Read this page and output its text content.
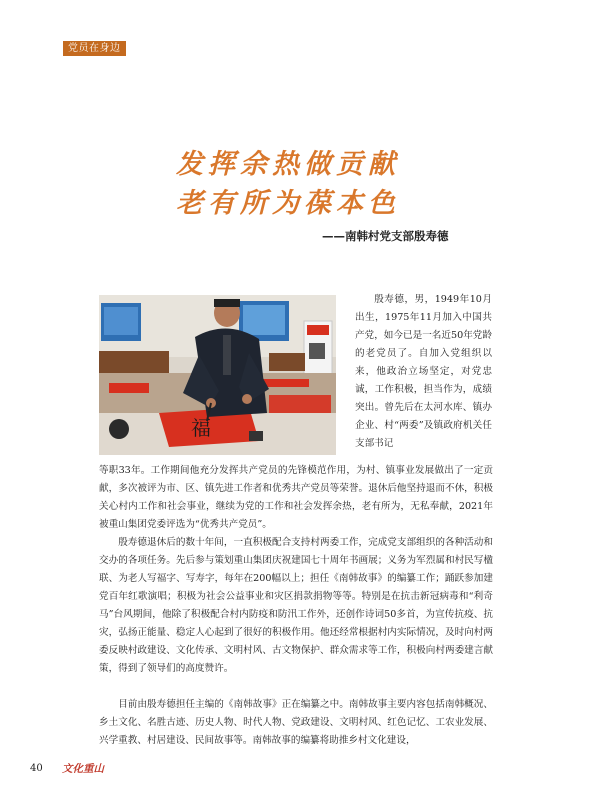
党员在身边
发挥余热做贡献
老有所为葆本色
——南韩村党支部殷寿德
福

殷寿德，男，1949年10月出生，1975年11月加入中国共产党，如今已是一名近50年党龄的老党员了。自加入党组织以来，他政治立场坚定，对党忠诚，工作积极，担当作为，成绩突出。曾先后在太河水库、镇办企业、村“两委”及镇政府机关任支部书记

等职33年。工作期间他充分发挥共产党员的先锋模范作用，为村、镇事业发展做出了一定贡献，多次被评为市、区、镇先进工作者和优秀共产党员等荣誉。退休后他坚持退而不休，积极关心村内工作和社会事业，继续为党的工作和社会发挥余热，老有所为，无私奉献，2021年被重山集团党委评选为“优秀共产党员”。

殷寿德退休后的数十年间，一直积极配合支持村两委工作，完成党支部组织的各种活动和交办的各项任务。先后参与策划重山集团庆祝建国七十周年书画展；义务为军烈属和村民写楹联、为老人写福字、写寿字，每年在200幅以上；担任《南韩故事》的编纂工作；踊跃参加建党百年红歌演唱；积极为社会公益事业和灾区捐款捐物等等。特别是在抗击新冠病毒和“利奇马”台风期间，他除了积极配合村内防疫和防汛工作外，还创作诗词50多首，为宣传抗疫、抗灾，弘扬正能量、稳定人心起到了很好的积极作用。他还经常根据村内实际情况，及时向村两委反映村政建设、文化传承、文明村风、古文物保护、群众需求等工作，积极向村两委建言献策，得到了领导们的高度赞许。

目前由殷寿德担任主编的《南韩故事》正在编纂之中。南韩故事主要内容包括南韩概况、乡土文化、名胜古迹、历史人物、时代人物、党政建设、文明村风、红色记忆、工农业发展、兴学重教、村居建设、民间故事等。南韩故事的编纂将助推乡村文化建设，

40 文化重山
